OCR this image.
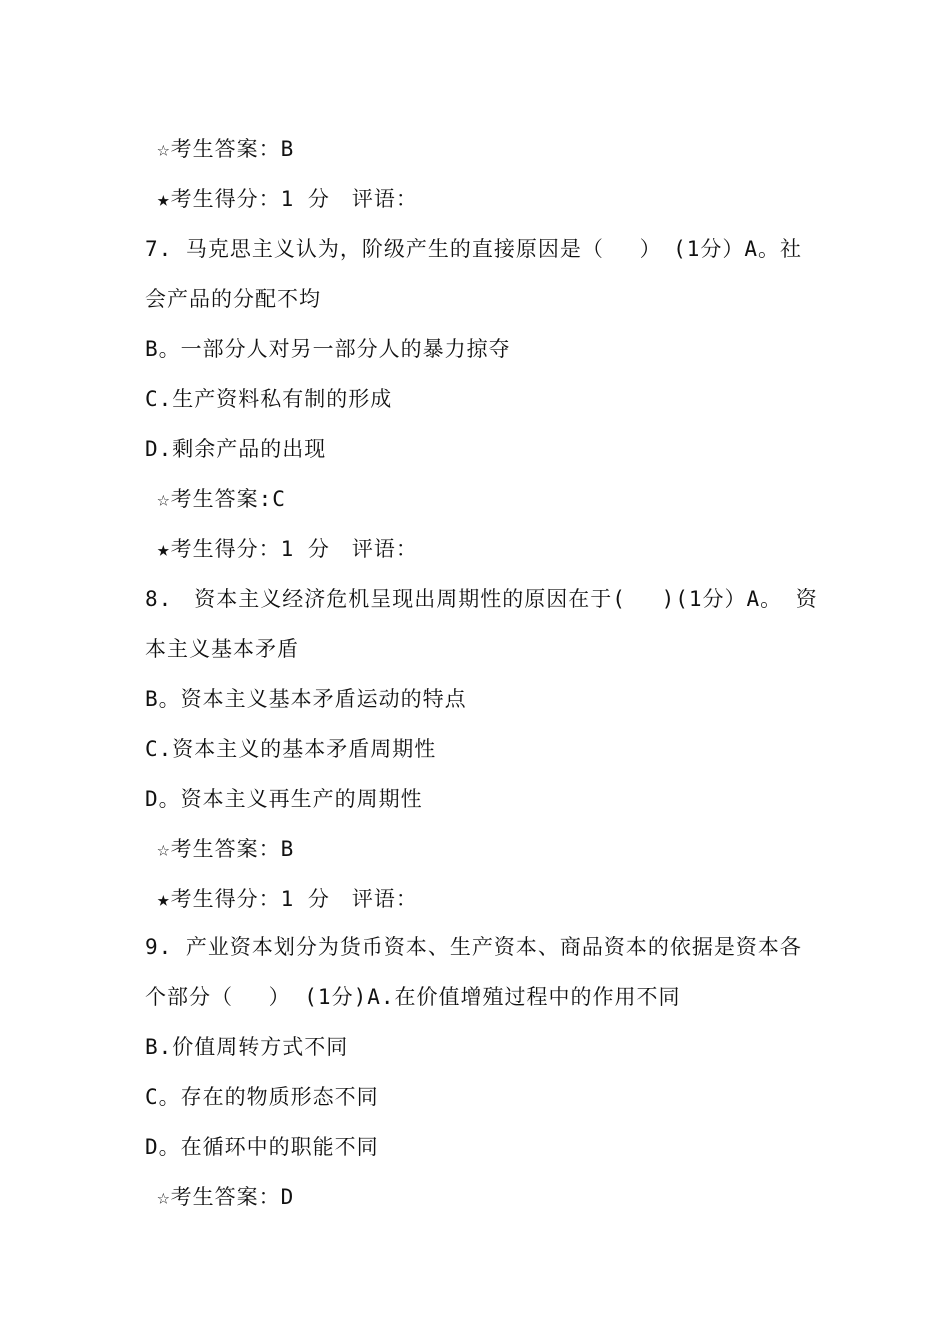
☆考生答案：B
★考生得分：1 分　评语：
7. 马克思主义认为，阶级产生的直接原因是（　 ）　(1分）A。社
会产品的分配不均
B。一部分人对另一部分人的暴力掠夺
C.生产资料私有制的形成
D.剩余产品的出现
☆考生答案:C
★考生得分：1 分　评语：
8.　资本主义经济危机呈现出周期性的原因在于(　 )(1分）A。 资
本主义基本矛盾
B。资本主义基本矛盾运动的特点
C.资本主义的基本矛盾周期性
D。资本主义再生产的周期性
☆考生答案：B
★考生得分：1 分　评语：
9. 产业资本划分为货币资本、生产资本、商品资本的依据是资本各
个部分（　 ） (1分)A.在价值增殖过程中的作用不同
B.价值周转方式不同
C。存在的物质形态不同
D。在循环中的职能不同
☆考生答案：D
